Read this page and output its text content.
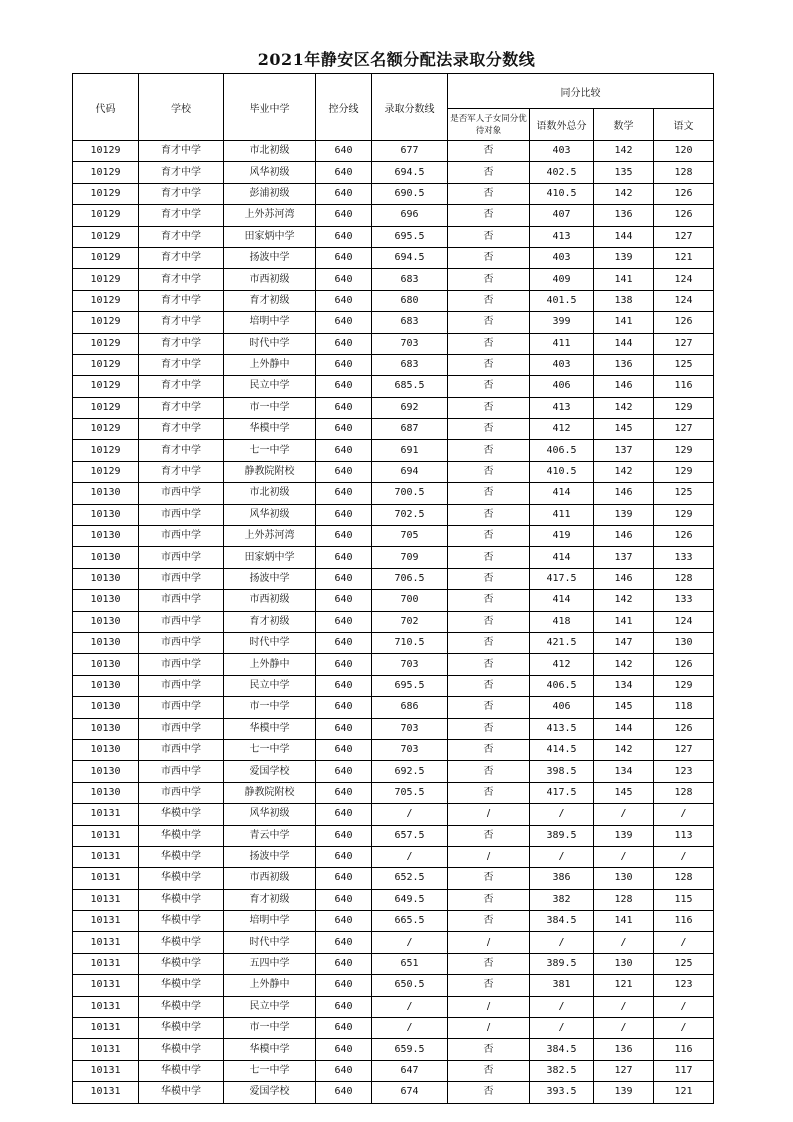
2021年静安区名额分配法录取分数线
代码	学校	毕业中学	控分线	录取分数线	同分比较			
					是否军人子女同分优待对象	语数外总分	数学	语文
10129	育才中学	市北初级	640	677	否	403	142	120
10129	育才中学	风华初级	640	694.5	否	402.5	135	128
10129	育才中学	彭浦初级	640	690.5	否	410.5	142	126
10129	育才中学	上外苏河湾	640	696	否	407	136	126
10129	育才中学	田家炳中学	640	695.5	否	413	144	127
10129	育才中学	扬波中学	640	694.5	否	403	139	121
10129	育才中学	市西初级	640	683	否	409	141	124
10129	育才中学	育才初级	640	680	否	401.5	138	124
10129	育才中学	培明中学	640	683	否	399	141	126
10129	育才中学	时代中学	640	703	否	411	144	127
10129	育才中学	上外静中	640	683	否	403	136	125
10129	育才中学	民立中学	640	685.5	否	406	146	116
10129	育才中学	市一中学	640	692	否	413	142	129
10129	育才中学	华模中学	640	687	否	412	145	127
10129	育才中学	七一中学	640	691	否	406.5	137	129
10129	育才中学	静教院附校	640	694	否	410.5	142	129
10130	市西中学	市北初级	640	700.5	否	414	146	125
10130	市西中学	风华初级	640	702.5	否	411	139	129
10130	市西中学	上外苏河湾	640	705	否	419	146	126
10130	市西中学	田家炳中学	640	709	否	414	137	133
10130	市西中学	扬波中学	640	706.5	否	417.5	146	128
10130	市西中学	市西初级	640	700	否	414	142	133
10130	市西中学	育才初级	640	702	否	418	141	124
10130	市西中学	时代中学	640	710.5	否	421.5	147	130
10130	市西中学	上外静中	640	703	否	412	142	126
10130	市西中学	民立中学	640	695.5	否	406.5	134	129
10130	市西中学	市一中学	640	686	否	406	145	118
10130	市西中学	华模中学	640	703	否	413.5	144	126
10130	市西中学	七一中学	640	703	否	414.5	142	127
10130	市西中学	爱国学校	640	692.5	否	398.5	134	123
10130	市西中学	静教院附校	640	705.5	否	417.5	145	128
10131	华模中学	风华初级	640	/	/	/	/	/
10131	华模中学	青云中学	640	657.5	否	389.5	139	113
10131	华模中学	扬波中学	640	/	/	/	/	/
10131	华模中学	市西初级	640	652.5	否	386	130	128
10131	华模中学	育才初级	640	649.5	否	382	128	115
10131	华模中学	培明中学	640	665.5	否	384.5	141	116
10131	华模中学	时代中学	640	/	/	/	/	/
10131	华模中学	五四中学	640	651	否	389.5	130	125
10131	华模中学	上外静中	640	650.5	否	381	121	123
10131	华模中学	民立中学	640	/	/	/	/	/
10131	华模中学	市一中学	640	/	/	/	/	/
10131	华模中学	华模中学	640	659.5	否	384.5	136	116
10131	华模中学	七一中学	640	647	否	382.5	127	117
10131	华模中学	爱国学校	640	674	否	393.5	139	121
